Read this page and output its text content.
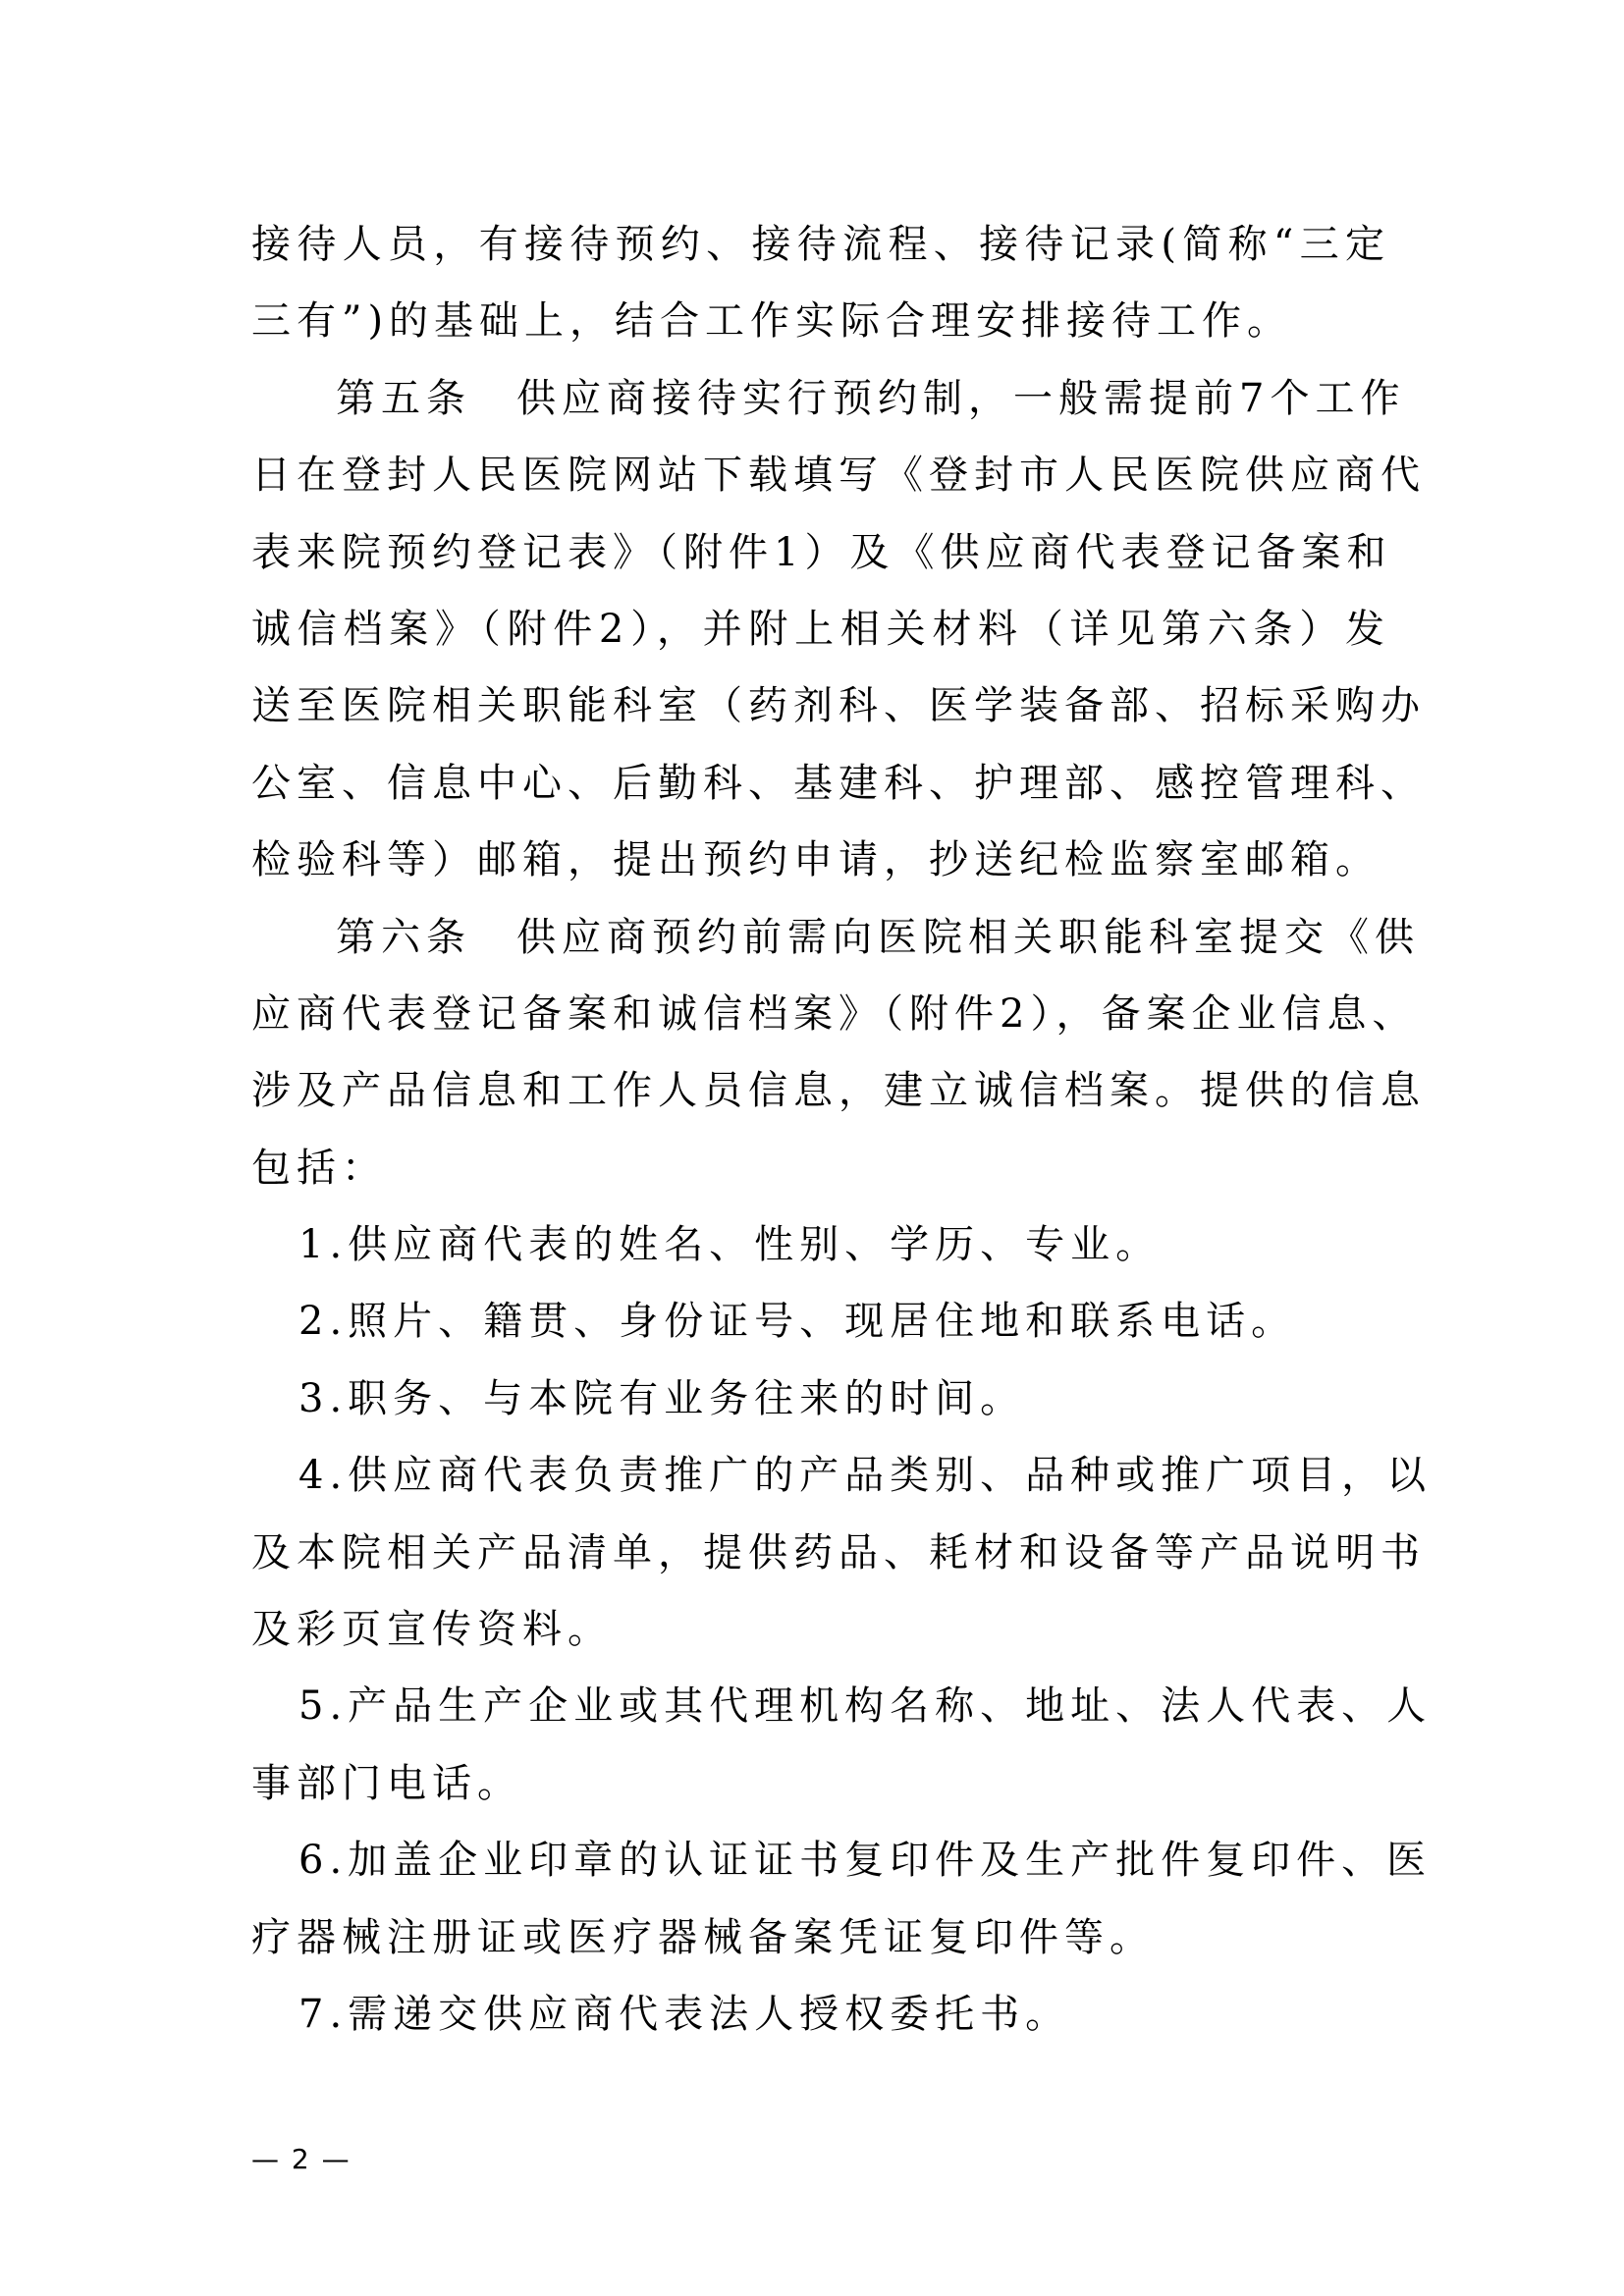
接待人员，有接待预约、接待流程、接待记录(简称“三定
三有”)的基础上，结合工作实际合理安排接待工作。
第五条　供应商接待实行预约制，一般需提前7个工作
日在登封人民医院网站下载填写《登封市人民医院供应商代
表来院预约登记表》（附件1）及《供应商代表登记备案和
诚信档案》（附件2），并附上相关材料（详见第六条）发
送至医院相关职能科室（药剂科、医学装备部、招标采购办
公室、信息中心、后勤科、基建科、护理部、感控管理科、
检验科等）邮箱，提出预约申请，抄送纪检监察室邮箱。
第六条　供应商预约前需向医院相关职能科室提交《供
应商代表登记备案和诚信档案》（附件2），备案企业信息、
涉及产品信息和工作人员信息，建立诚信档案。提供的信息
包括：
1.供应商代表的姓名、性别、学历、专业。
2.照片、籍贯、身份证号、现居住地和联系电话。
3.职务、与本院有业务往来的时间。
4.供应商代表负责推广的产品类别、品种或推广项目，以
及本院相关产品清单，提供药品、耗材和设备等产品说明书
及彩页宣传资料。
5.产品生产企业或其代理机构名称、地址、法人代表、人
事部门电话。
6.加盖企业印章的认证证书复印件及生产批件复印件、医
疗器械注册证或医疗器械备案凭证复印件等。
7.需递交供应商代表法人授权委托书。
— 2 —
